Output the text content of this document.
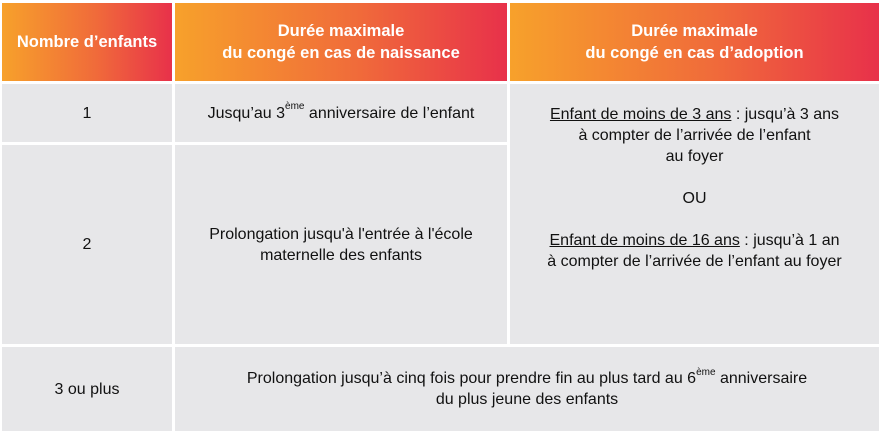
Nombre d’enfants
Durée maximale
du congé en cas de naissance
Durée maximale
du congé en cas d’adoption
1	Jusqu’au 3ème anniversaire de l’enfant	Enfant de moins de 3 ans : jusqu’à 3 ans

à compter de l’arrivée de l’enfant

au foyer

OU

Enfant de moins de 16 ans : jusqu’à 1 an

à compter de l’arrivée de l’enfant au foyer

2
Prolongation jusqu'à l'entrée à l'école
maternelle des enfants
3 ou plus
Prolongation jusqu’à cinq fois pour prendre fin au plus tard au 6ème anniversaire
du plus jeune des enfants
